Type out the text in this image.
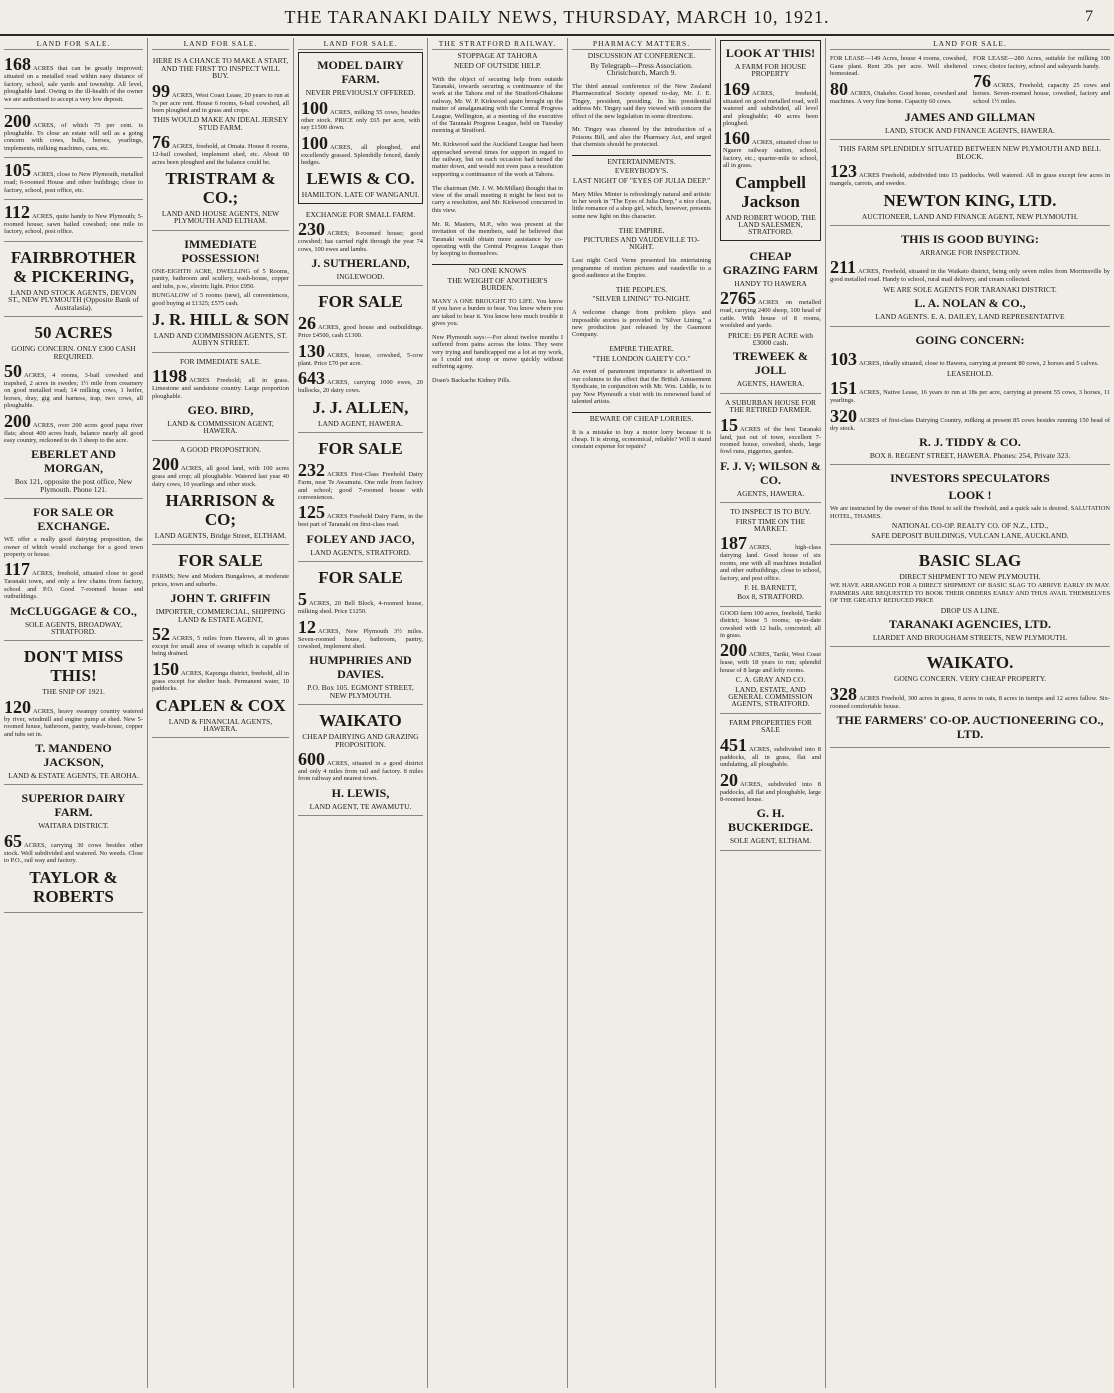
THE TARANAKI DAILY NEWS, THURSDAY, MARCH 10, 1921.	7
LAND FOR SALE.

168 ACRES that can be greatly improved; situated on a metalled road within easy distance of factory, school, sale yards and township. All level, ploughable land. Owing to the ill-health of the owner we are authorised to accept a very low deposit.

200 ACRES, of which 75 per cent. is ploughable. To close an estate will sell as a going concern with cows, bulls, horses, yearlings, implements, milking machines, cans, etc.

105 ACRES, close to New Plymouth, metalled road; 6-roomed House and other buildings; close to factory, school, post office, etc.

112 ACRES, quite handy to New Plymouth; 5-roomed house; sawn bailed cowshed; one mile to factory, school, post office.

FAIRBROTHER & PICKERING,
LAND AND STOCK AGENTS, DEVON ST., NEW PLYMOUTH (Opposite Bank of Australasia).
50 ACRES
GOING CONCERN. ONLY £300 CASH REQUIRED.

50 ACRES, 4 rooms, 3-bail cowshed and trapshed, 2 acres in swedes; 1½ mile from creamery on good metalled road; 14 milking cows, 1 heifer, horses, dray, gig and harness, trap, two cows, all ploughable.

200 ACRES, over 200 acres good papa river flats; about 400 acres bush, balance nearly all good easy country, reckoned to do 3 sheep to the acre.

EBERLET AND MORGAN,
Box 121, opposite the post office, New Plymouth. Phone 121.
FOR SALE OR EXCHANGE.

WE offer a really good dairying proposition, the owner of which would exchange for a good town property or house.

117 ACRES, freehold, situated close to good Taranaki town, and only a few chains from factory, school and P.O. Good 7-roomed house and outbuildings.

McCLUGGAGE & CO.,
SOLE AGENTS, BROADWAY, STRATFORD.
DON'T MISS THIS!
THE SNIP OF 1921.

120 ACRES, heavy swampy country watered by river, windmill and engine pump at shed. New 5-roomed house, bathroom, pantry, wash-house, copper and tubs set in.

T. MANDENO JACKSON,
LAND & ESTATE AGENTS, TE AROHA.
SUPERIOR DAIRY FARM.
WAITARA DISTRICT.

65 ACRES, carrying 30 cows besides other stock. Well subdivided and watered. No weeds. Close to P.O., rail way and factory.

TAYLOR & ROBERTS
LAND FOR SALE.
HERE IS A CHANCE TO MAKE A START, AND THE FIRST TO INSPECT WILL BUY.

99 ACRES, West Coast Lease, 20 years to run at 7s per acre rent. House 6 rooms, 6-bail cowshed, all been ploughed and in grass and crops.

THIS WOULD MAKE AN IDEAL JERSEY STUD FARM.

76 ACRES, freehold, at Omata. House 8 rooms, 12-bail cowshed, implement shed, etc. About 60 acres been ploughed and the balance could be.

TRISTRAM & CO.;
LAND AND HOUSE AGENTS, NEW PLYMOUTH AND ELTHAM.
IMMEDIATE POSSESSION!

ONE-EIGHTH ACRE, DWELLING of 5 Rooms, pantry, bathroom and scullery, wash-house, copper and tubs, p.w., electric light. Price £950.

BUNGALOW of 5 rooms (new), all conveniences, good buying at £1325; £575 cash.

J. R. HILL & SON
LAND AND COMMISSION AGENTS, ST. AUBYN STREET.
FOR IMMEDIATE SALE.

1198 ACRES Freehold; all in grass. Limestone and sandstone country. Large proportion ploughable.

GEO. BIRD,
LAND & COMMISSION AGENT, HAWERA.
A GOOD PROPOSITION.

200 ACRES, all good land, with 100 acres grass and crop; all ploughable. Watered last year 40 dairy cows, 10 yearlings and other stock.

HARRISON & CO;
LAND AGENTS, Bridge Street, ELTHAM.
FOR SALE

FARMS; New and Modern Bungalows, at moderate prices, town and suburbs.

JOHN T. GRIFFIN
IMPORTER, COMMERCIAL, SHIPPING LAND & ESTATE AGENT,

52 ACRES, 5 miles from Hawera, all in grass except for small area of swamp which is capable of being drained.

150 ACRES, Kaponga district, freehold, all in grass except for shelter bush. Permanent water, 10 paddocks.

CAPLEN & COX
LAND & FINANCIAL AGENTS, HAWERA.
LAND FOR SALE.
MODEL DAIRY FARM.
NEVER PREVIOUSLY OFFERED.

100 ACRES, milking 55 cows, besides other stock. PRICE only £65 per acre, with say £1500 down.

100 ACRES, all ploughed, and excellently grassed. Splendidly fenced, dandy hedges.

LEWIS & CO.
HAMILTON. LATE OF WANGANUI.
EXCHANGE FOR SMALL FARM.

230 ACRES; 8-roomed house; good cowshed; has carried right through the year 74 cows, 100 ewes and lambs.

J. SUTHERLAND,
INGLEWOOD.
FOR SALE

26 ACRES, good house and outbuildings. Price £4500, cash £1300.

130 ACRES, house, cowshed, 5-cow plant. Price £70 per acre.

643 ACRES, carrying 1000 ewes, 20 bullocks, 20 dairy cows.

J. J. ALLEN,
LAND AGENT, HAWERA.
FOR SALE

232 ACRES First-Class Freehold Dairy Farm, near Te Awamutu. One mile from factory and school; good 7-roomed house with conveniences.

125 ACRES Freehold Dairy Farm, in the best part of Taranaki on first-class road.

FOLEY AND JACO,
LAND AGENTS, STRATFORD.
FOR SALE

5 ACRES, 20 Bell Block, 4-roomed house, milking shed. Price £1250.

12 ACRES, New Plymouth 3½ miles. Seven-roomed house, bathroom, pantry, cowshed, implement shed.

HUMPHRIES AND DAVIES.
P.O. Box 105. EGMONT STREET, NEW PLYMOUTH.
WAIKATO
CHEAP DAIRYING AND GRAZING PROPOSITION.

600 ACRES, situated in a good district and only 4 miles from rail and factory. 8 miles from railway and nearest town.

H. LEWIS,
LAND AGENT, TE AWAMUTU.
THE STRATFORD RAILWAY.
STOPPAGE AT TAHORA
NEED OF OUTSIDE HELP.

With the object of securing help from outside Taranaki, towards securing a continuance of the work at the Tahora end of the Stratford-Ohakune railway, Mr. W. P. Kirkwood again brought up the matter of amalgamating with the Central Progress League, Wellington, at a meeting of the executive of the Taranaki Progress League, held on Tuesday morning at Stratford.

Mr. Kirkwood said the Auckland League had been approached several times for support in regard to the railway, but on each occasion had turned the matter down, and would not even pass a resolution supporting a continuance of the work at Tahora.

The chairman (Mr. J. W. McMillan) thought that in view of the small meeting it might be best not to carry a resolution, and Mr. Kirkwood concurred in this view.

Mr. R. Masters, M.P., who was present at the invitation of the members, said he believed that Taranaki would obtain more assistance by co-operating with the Central Progress League than by keeping to themselves.

NO ONE KNOWS
THE WEIGHT OF ANOTHER'S BURDEN.

MANY A ONE BROUGHT TO LIFE. You know if you have a burden to bear. You know where you are taked to bear it. You know how much trouble it gives you.

New Plymouth says:—For about twelve months I suffered from pains across the loins. They were very trying and handicapped me a lot at my work, as I could not stoop or move quickly without suffering agony.

Doan's Backache Kidney Pills.

PHARMACY MATTERS.
DISCUSSION AT CONFERENCE.
By Telegraph—Press Association. Christchurch, March 9.

The third annual conference of the New Zealand Pharmaceutical Society opened to-day, Mr. J. E. Tingey, president, presiding. In his presidential address Mr. Tingey said they viewed with concern the effect of the new legislation in some directions.

Mr. Tingey was cheered by the introduction of a Poisons Bill, and also the Pharmacy Act, and urged that chemists should be protected.

ENTERTAINMENTS.
EVERYBODY'S.
LAST NIGHT OF "EYES OF JULIA DEEP."

Mary Miles Minter is refreshingly natural and artistic in her work in "The Eyes of Julia Deep," a nice clean, little romance of a shop girl, which, however, presents some new light on this character.

THE EMPIRE.
PICTURES AND VAUDEVILLE TO-NIGHT.

Last night Cecil Verne presented his entertaining programme of motion pictures and vaudeville to a good audience at the Empire.

THE PEOPLE'S.
"SILVER LINING" TO-NIGHT.

A welcome change from problem plays and impossible stories is provided in "Silver Lining," a new production just released by the Gaumont Company.

EMPIRE THEATRE.
"THE LONDON GAIETY CO."

An event of paramount importance is advertised in our columns to the effect that the British Amusement Syndicate, in conjunction with Mr. Wm. Liddle, is to pay New Plymouth a visit with its renowned band of talented artists.

BEWARE OF CHEAP LORRIES.

It is a mistake to buy a motor lorry because it is cheap. It is strong, economical, reliable? Will it stand constant expense for repairs?

LOOK AT THIS!
A FARM FOR HOUSE PROPERTY

169 ACRES, freehold, situated on good metalled road, well watered and subdivided, all level and ploughable; 40 acres been ploughed.

160 ACRES, situated close to Ngaere railway station, school, factory, etc.; quarter-mile to school, all in grass.

Campbell Jackson
AND ROBERT WOOD, THE LAND SALESMEN, STRATFORD.
CHEAP GRAZING FARM
HANDY TO HAWERA

2765 ACRES on metalled road, carrying 2400 sheep, 100 head of cattle. With house of 8 rooms, woolshed and yards.

PRICE: £6 PER ACRE with £3000 cash.
TREWEEK & JOLL
AGENTS, HAWERA.
A SUBURBAN HOUSE FOR THE RETIRED FARMER.

15 ACRES of the best Taranaki land, just out of town, excellent 7-roomed house, cowshed, sheds, large fowl runs, piggeries, garden.

F. J. V; WILSON & CO.
AGENTS, HAWERA.
TO INSPECT IS TO BUY.
FIRST TIME ON THE MARKET.

187 ACRES, high-class dairying land. Good house of six rooms, one with all machines installed and other outbuildings, close to school, factory, and post office.

F. H. BARNETT,
Box 8, STRATFORD.

GOOD farm 100 acres, freehold, Tariki district; house 5 rooms; up-to-date cowshed with 12 bails, concreted; all in grass.

200 ACRES, Tariki, West Coast lease, with 18 years to run; splendid house of 8 large and lofty rooms.

C. A. GRAY AND CO.
LAND, ESTATE, AND GENERAL COMMISSION AGENTS, STRATFORD.
FARM PROPERTIES FOR SALE

451 ACRES, subdivided into 8 paddocks, all in grass, flat and undulating, all ploughable.

20 ACRES, subdivided into 8 paddocks, all flat and ploughable, large 8-roomed house.

G. H. BUCKERIDGE.
SOLE AGENT, ELTHAM.
LAND FOR SALE.

FOR LEASE—149 Acres, house 4 rooms, cowshed, Gane plant. Rent 20s per acre. Well sheltered homestead.

80 ACRES, Otakeho. Good house, cowshed and machines. A very fine home. Capacity 60 cows.

FOR LEASE—280 Acres, suitable for milking 100 cows; choice factory, school and saleyards handy.

76 ACRES, Freehold; capacity 25 cows and horses. Seven-roomed house, cowshed, factory and school 1½ miles.

JAMES AND GILLMAN
LAND, STOCK AND FINANCE AGENTS, HAWERA.
THIS FARM SPLENDIDLY SITUATED BETWEEN NEW PLYMOUTH AND BELL BLOCK.

123 ACRES Freehold, subdivided into 15 paddocks. Well watered. All in grass except few acres in mangels, carrots, and swedes.

NEWTON KING, LTD.
AUCTIONEER, LAND AND FINANCE AGENT, NEW PLYMOUTH.
THIS IS GOOD BUYING:
ARRANGE FOR INSPECTION.

211 ACRES, Freehold, situated in the Waikato district, being only seven miles from Morrinsville by good metalled road. Handy to school, rural mail delivery, and cream collected.

WE ARE SOLE AGENTS FOR TARANAKI DISTRICT.
L. A. NOLAN & CO.,
LAND AGENTS. E. A. DAILEY, LAND REPRESENTATIVE
GOING CONCERN:

103 ACRES, ideally situated, close to Hawera, carrying at present 80 cows, 2 horses and 5 calves.

LEASEHOLD.

151 ACRES, Native Lease, 16 years to run at 18s per acre, carrying at present 55 cows, 3 horses, 11 yearlings.

320 ACRES of first-class Dairying Country, milking at present 85 cows besides running 150 head of dry stock.

R. J. TIDDY & CO.
BOX 8. REGENT STREET, HAWERA. Phones: 254, Private 323.
INVESTORS SPECULATORS
LOOK !

We are instructed by the owner of this Hotel to sell the Freehold, and a quick sale is desired. SALUTATION HOTEL, THAMES.

NATIONAL CO-OP. REALTY CO. OF N.Z., LTD.,
SAFE DEPOSIT BUILDINGS, VULCAN LANE, AUCKLAND.
BASIC SLAG
DIRECT SHIPMENT TO NEW PLYMOUTH.

WE HAVE ARRANGED FOR A DIRECT SHIPMENT OF BASIC SLAG TO ARRIVE EARLY IN MAY. FARMERS ARE REQUESTED TO BOOK THEIR ORDERS EARLY AND THUS AVAIL THEMSELVES OF THE GREATLY REDUCED PRICE

DROP US A LINE.
TARANAKI AGENCIES, LTD.
LIARDET AND BROUGHAM STREETS, NEW PLYMOUTH.
WAIKATO.
GOING CONCERN. VERY CHEAP PROPERTY.

328 ACRES Freehold, 300 acres in grass, 8 acres in oats, 8 acres in turnips and 12 acres fallow. Six-roomed comfortable house.

THE FARMERS' CO-OP. AUCTIONEERING CO., LTD.
